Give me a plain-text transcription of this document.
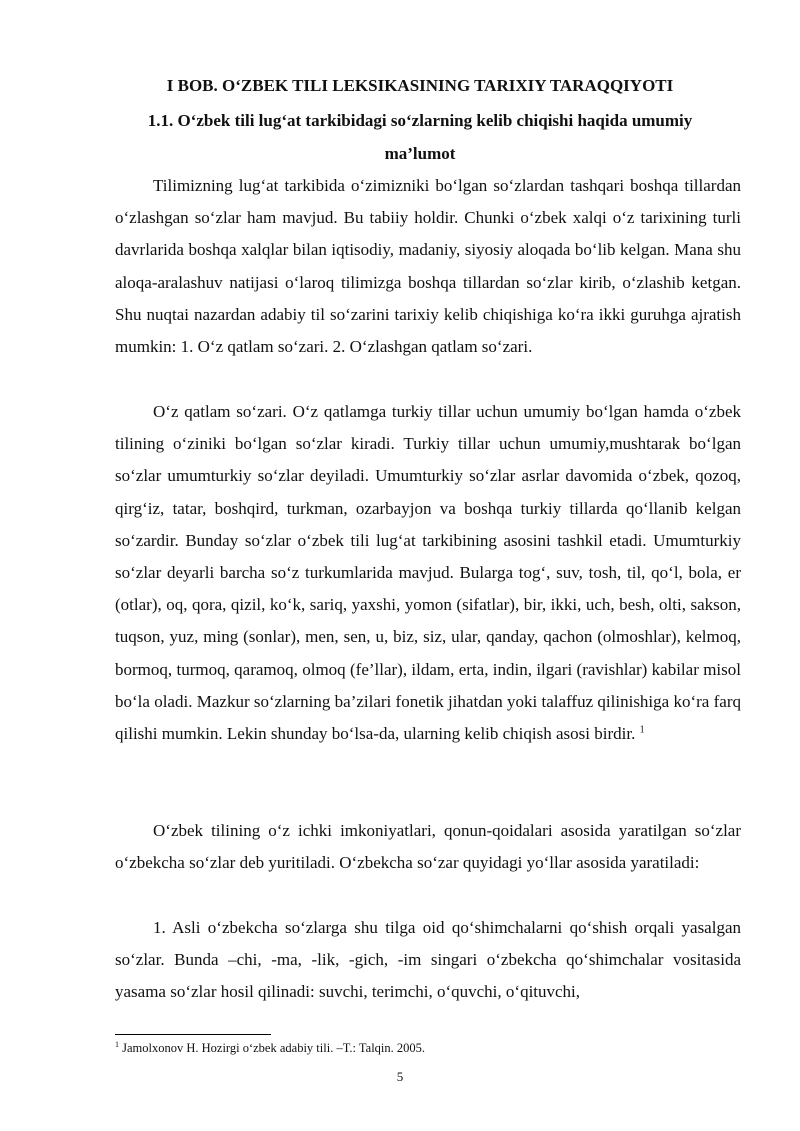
I BOB. O‘ZBEK TILI LEKSIKASINING TARIXIY TARAQQIYOTI
1.1. O‘zbek tili lug‘at tarkibidagi so‘zlarning kelib chiqishi haqida umumiy
ma’lumot

Tilimizning lug‘at tarkibida o‘zimizniki bo‘lgan so‘zlardan tashqari boshqa tillardan o‘zlashgan so‘zlar ham mavjud. Bu tabiiy holdir. Chunki o‘zbek xalqi o‘z tarixining turli davrlarida boshqa xalqlar bilan iqtisodiy, madaniy, siyosiy aloqada bo‘lib kelgan. Mana shu aloqa-aralashuv natijasi o‘laroq tilimizga boshqa tillardan so‘zlar kirib, o‘zlashib ketgan. Shu nuqtai nazardan adabiy til so‘zarini tarixiy kelib chiqishiga ko‘ra ikki guruhga ajratish mumkin: 1. O‘z qatlam so‘zari. 2. O‘zlashgan qatlam so‘zari.

O‘z qatlam so‘zari. O‘z qatlamga turkiy tillar uchun umumiy bo‘lgan hamda o‘zbek tilining o‘ziniki bo‘lgan so‘zlar kiradi. Turkiy tillar uchun umumiy,mushtarak bo‘lgan so‘zlar umumturkiy so‘zlar deyiladi. Umumturkiy so‘zlar asrlar davomida o‘zbek, qozoq, qirg‘iz, tatar, boshqird, turkman, ozarbayjon va boshqa turkiy tillarda qo‘llanib kelgan so‘zardir. Bunday so‘zlar o‘zbek tili lug‘at tarkibining asosini tashkil etadi. Umumturkiy so‘zlar deyarli barcha so‘z turkumlarida mavjud. Bularga tog‘, suv, tosh, til, qo‘l, bola, er (otlar), oq, qora, qizil, ko‘k, sariq, yaxshi, yomon (sifatlar), bir, ikki, uch, besh, olti, sakson, tuqson, yuz, ming (sonlar), men, sen, u, biz, siz, ular, qanday, qachon (olmoshlar), kelmoq, bormoq, turmoq, qaramoq, olmoq (fe’llar), ildam, erta, indin, ilgari (ravishlar) kabilar misol bo‘la oladi. Mazkur so‘zlarning ba’zilari fonetik jihatdan yoki talaffuz qilinishiga ko‘ra farq qilishi mumkin. Lekin shunday bo‘lsa-da, ularning kelib chiqish asosi birdir. $^1$

O‘zbek tilining o‘z ichki imkoniyatlari, qonun-qoidalari asosida yaratilgan so‘zlar o‘zbekcha so‘zlar deb yuritiladi. O‘zbekcha so‘zar quyidagi yo‘llar asosida yaratiladi:

1. Asli o‘zbekcha so‘zlarga shu tilga oid qo‘shimchalarni qo‘shish orqali yasalgan so‘zlar. Bunda –chi, -ma, -lik, -gich, -im singari o‘zbekcha qo‘shimchalar vositasida yasama so‘zlar hosil qilinadi: suvchi, terimchi, o‘quvchi, o‘qituvchi,

$^1$ Jamolxonov H. Hozirgi o‘zbek adabiy tili. –T.: Talqin. 2005.
5
